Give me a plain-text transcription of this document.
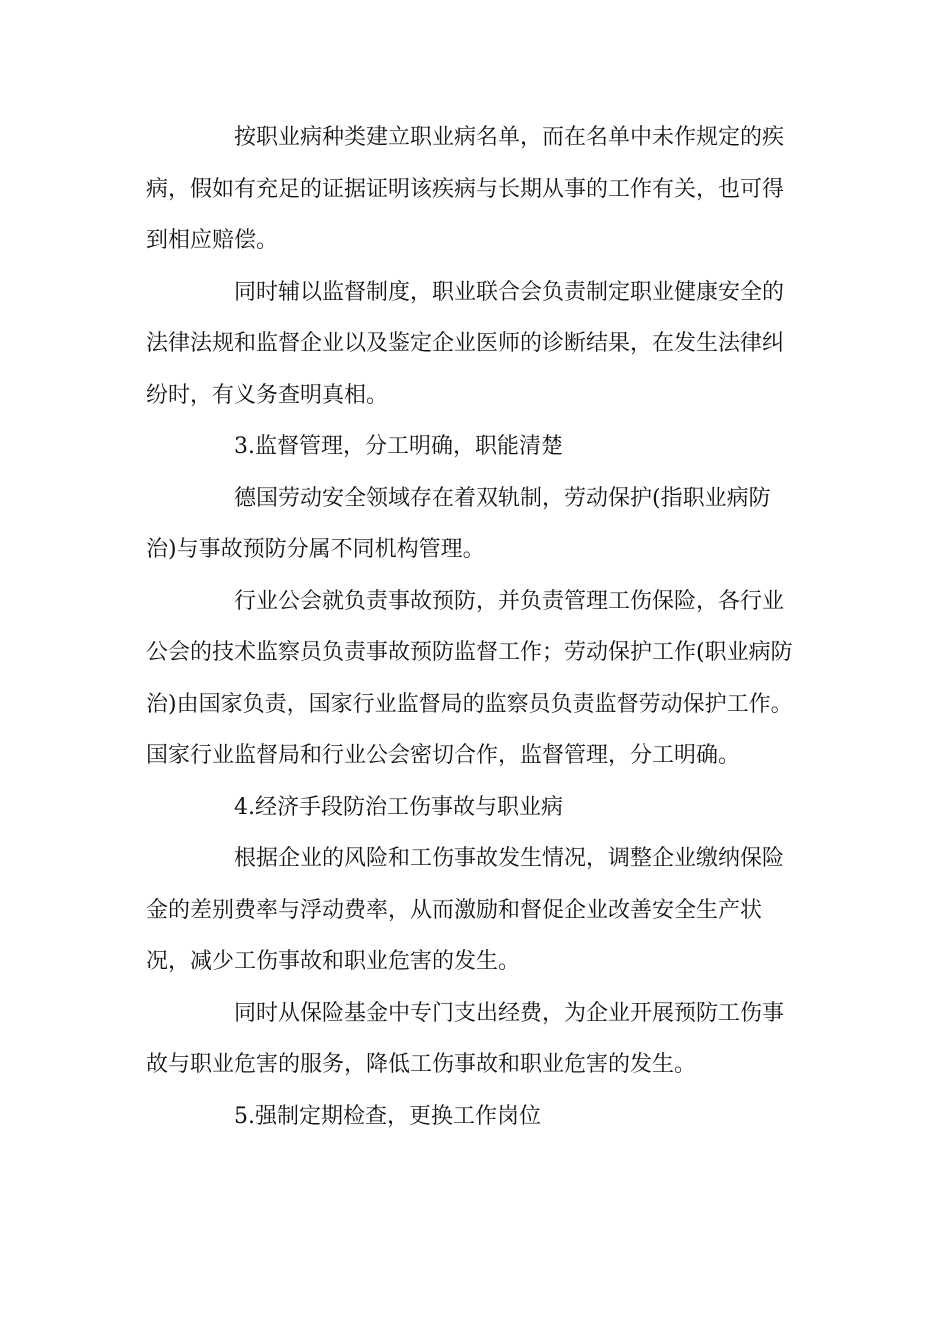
按职业病种类建立职业病名单，而在名单中未作规定的疾
病，假如有充足的证据证明该疾病与长期从事的工作有关，也可得
到相应赔偿。
同时辅以监督制度，职业联合会负责制定职业健康安全的
法律法规和监督企业以及鉴定企业医师的诊断结果，在发生法律纠
纷时，有义务查明真相。
3.监督管理，分工明确，职能清楚
德国劳动安全领域存在着双轨制，劳动保护(指职业病防
治)与事故预防分属不同机构管理。
行业公会就负责事故预防，并负责管理工伤保险，各行业
公会的技术监察员负责事故预防监督工作；劳动保护工作(职业病防
治)由国家负责，国家行业监督局的监察员负责监督劳动保护工作。
国家行业监督局和行业公会密切合作，监督管理，分工明确。
4.经济手段防治工伤事故与职业病
根据企业的风险和工伤事故发生情况，调整企业缴纳保险
金的差别费率与浮动费率，从而激励和督促企业改善安全生产状
况，减少工伤事故和职业危害的发生。
同时从保险基金中专门支出经费，为企业开展预防工伤事
故与职业危害的服务，降低工伤事故和职业危害的发生。
5.强制定期检查，更换工作岗位
